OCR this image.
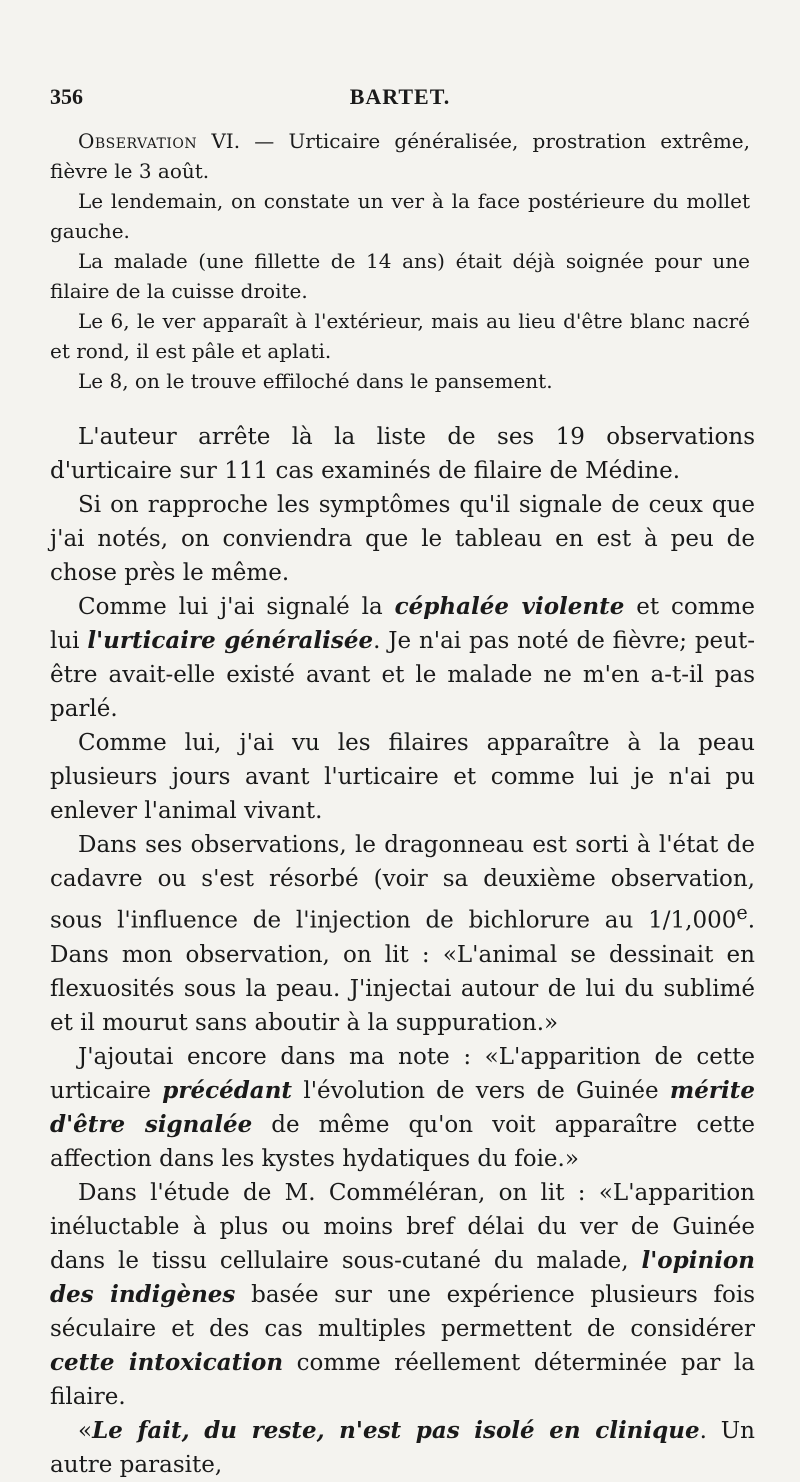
356	BARTET.

Observation VI. — Urticaire généralisée, prostration extrême, fièvre le 3 août.

Le lendemain, on constate un ver à la face postérieure du mollet gauche.

La malade (une fillette de 14 ans) était déjà soignée pour une filaire de la cuisse droite.

Le 6, le ver apparaît à l'extérieur, mais au lieu d'être blanc nacré et rond, il est pâle et aplati.

Le 8, on le trouve effiloché dans le pansement.

L'auteur arrête là la liste de ses 19 observations d'urticaire sur 111 cas examinés de filaire de Médine.

Si on rapproche les symptômes qu'il signale de ceux que j'ai notés, on conviendra que le tableau en est à peu de chose près le même.

Comme lui j'ai signalé la céphalée violente et comme lui l'urticaire généralisée. Je n'ai pas noté de fièvre; peut-être avait-elle existé avant et le malade ne m'en a-t-il pas parlé.

Comme lui, j'ai vu les filaires apparaître à la peau plusieurs jours avant l'urticaire et comme lui je n'ai pu enlever l'animal vivant.

Dans ses observations, le dragonneau est sorti à l'état de cadavre ou s'est résorbé (voir sa deuxième observation, sous l'influence de l'injection de bichlorure au 1/1,000e. Dans mon observation, on lit : «L'animal se dessinait en flexuosités sous la peau. J'injectai autour de lui du sublimé et il mourut sans aboutir à la suppuration.»

J'ajoutai encore dans ma note : «L'apparition de cette urticaire précédant l'évolution de vers de Guinée mérite d'être signalée de même qu'on voit apparaître cette affection dans les kystes hydatiques du foie.»

Dans l'étude de M. Comméléran, on lit : «L'apparition inéluctable à plus ou moins bref délai du ver de Guinée dans le tissu cellulaire sous-cutané du malade, l'opinion des indigènes basée sur une expérience plusieurs fois séculaire et des cas multiples permettent de considérer cette intoxication comme réellement déterminée par la filaire.

«Le fait, du reste, n'est pas isolé en clinique. Un autre parasite,
